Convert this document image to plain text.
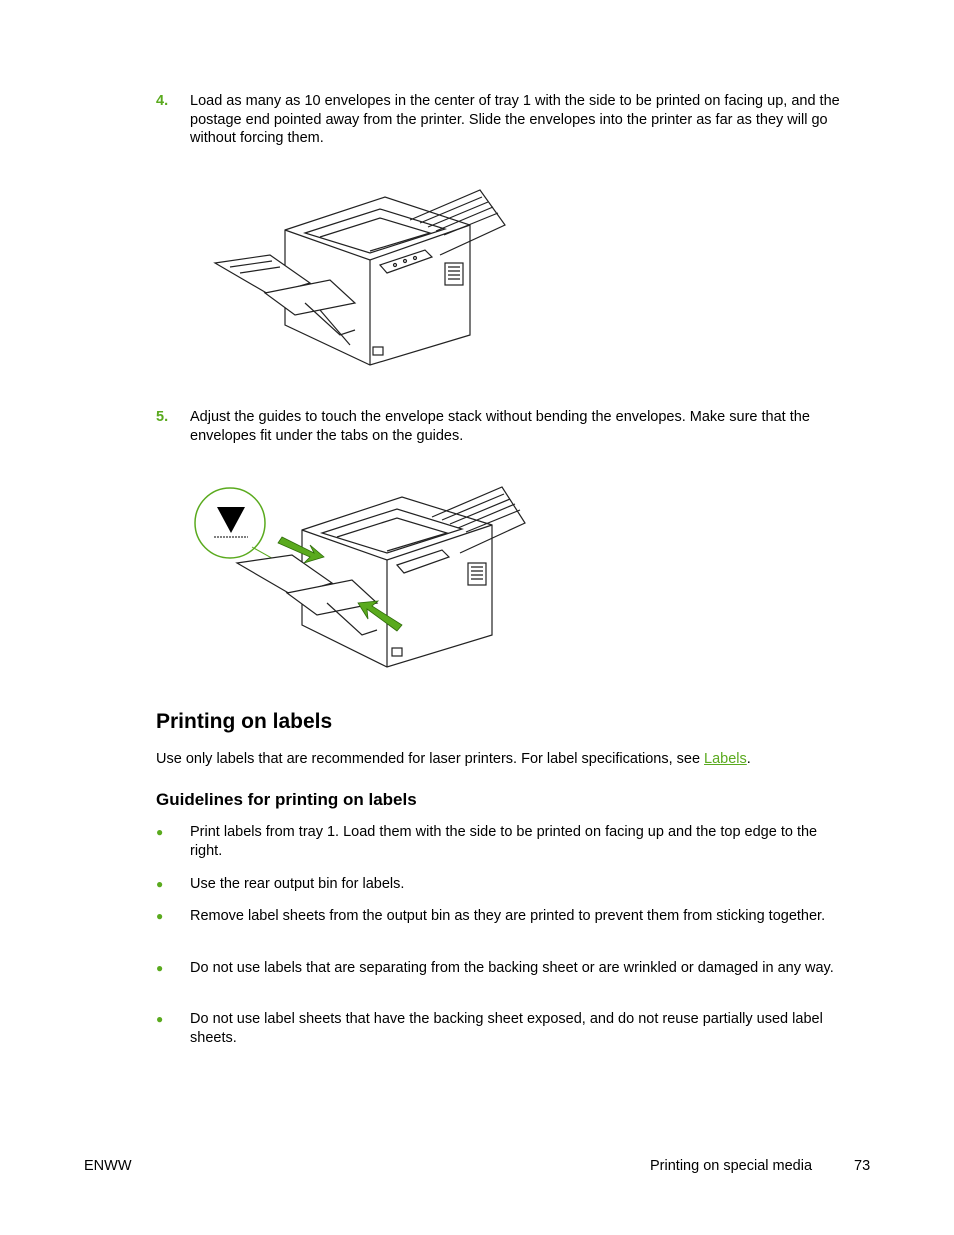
4. Load as many as 10 envelopes in the center of tray 1 with the side to be printed on facing up, and the postage end pointed away from the printer. Slide the envelopes into the printer as far as they will go without forcing them.
5. Adjust the guides to touch the envelope stack without bending the envelopes. Make sure that the envelopes fit under the tabs on the guides.
Printing on labels
Use only labels that are recommended for laser printers. For label specifications, see Labels.
Guidelines for printing on labels
● Print labels from tray 1. Load them with the side to be printed on facing up and the top edge to the right.
● Use the rear output bin for labels.
● Remove label sheets from the output bin as they are printed to prevent them from sticking together.
● Do not use labels that are separating from the backing sheet or are wrinkled or damaged in any way.
● Do not use label sheets that have the backing sheet exposed, and do not reuse partially used label sheets.
ENWW	Printing on special media	73
